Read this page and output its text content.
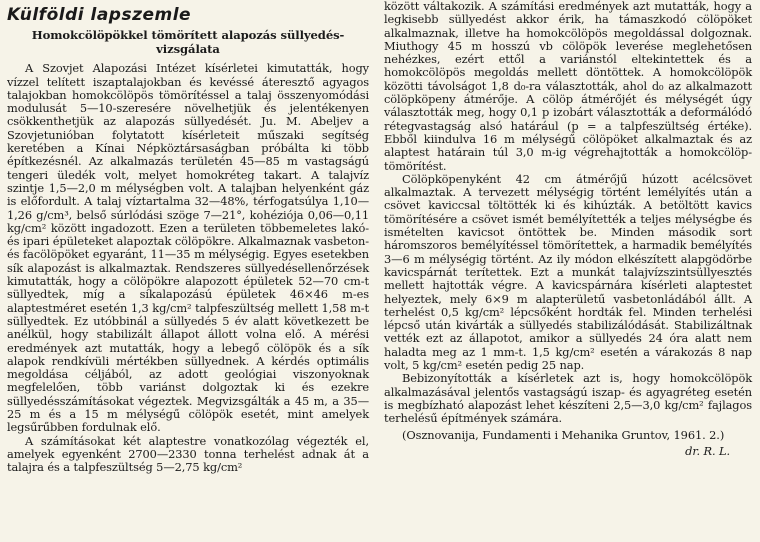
Külföldi lapszemle
Homokcölöpökkel tömörített alapozás süllyedés-vizsgálata

A Szovjet Alapozási Intézet kísérletei kimutatták, hogy vízzel telített iszaptalajokban és kevéssé áteresztő agyagos talajokban homokcölöpös tömörítéssel a talaj összenyomódási modulusát 5—10-szeresére növelhetjük és jelentékenyen csökkenthetjük az alapozás süllyedését. Ju. M. Abeljev a Szovjetunióban folytatott kísérleteit műszaki segítség keretében a Kínai Népköztársaságban próbálta ki több építkezésnél. Az alkalmazás területén 45—85 m vastagságú tengeri üledék volt, melyet homokréteg takart. A talajvíz szintje 1,5—2,0 m mélységben volt. A talajban helyenként gáz is előfordult. A talaj víztartalma 32—48%, térfogatsúlya 1,10—1,26 g/cm³, belső súrlódási szöge 7—21°, kohéziója 0,06—0,11 kg/cm² között ingadozott. Ezen a területen többemeletes lakó- és ipari épületeket alapoztak cölöpökre. Alkalmaznak vasbeton- és facölöpöket egyaránt, 11—35 m mélységig. Egyes esetekben sík alapozást is alkalmaztak. Rendszeres süllyedésellenőrzések kimutatták, hogy a cölöpökre alapozott épületek 52—70 cm-t süllyedtek, míg a síkalapozású épületek 46×46 m-es alaptestméret esetén 1,3 kg/cm² talpfeszültség mellett 1,58 m-t süllyedtek. Ez utóbbinál a süllyedés 5 év alatt következett be anélkül, hogy stabilizált állapot állott volna elő. A mérési eredmények azt mutatták, hogy a lebegő cölöpök és a sík alapok rendkívüli mértékben süllyednek. A kérdés optimális megoldása céljából, az adott geológiai viszonyoknak megfelelően, több variánst dolgoztak ki és ezekre süllyedésszámításokat végeztek. Megvizsgálták a 45 m, a 35—25 m és a 15 m mélységű cölöpök esetét, mint amelyek legsűrűbben fordulnak elő.

A számításokat két alaptestre vonatkozólag végezték el, amelyek egyenként 2700—2330 tonna terhelést adnak át a talajra és a talpfeszültség 5—2,75 kg/cm²

között váltakozik. A számítási eredmények azt mutatták, hogy a legkisebb süllyedést akkor érik, ha támaszkodó cölöpöket alkalmaznak, illetve ha homokcölöpös megoldással dolgoznak. Miuthogy 45 m hosszú vb cölöpök leverése meglehetősen nehézkes, ezért ettől a variánstól eltekintettek és a homokcölöpös megoldás mellett döntöttek. A homokcölöpök közötti távolságot 1,8 d₀-ra választották, ahol d₀ az alkalmazott cölöpköpeny átmérője. A cölöp átmérőjét és mélységét úgy választották meg, hogy 0,1 p izobárt választották a deformálódó rétegvastagság alsó határául (p = a talpfeszültség értéke). Ebből kiindulva 16 m mélységű cölöpöket alkalmaztak és az alaptest határain túl 3,0 m-ig végrehajtották a homokcölöp-tömörítést.

Cölöpköpenyként 42 cm átmérőjű húzott acélcsövet alkalmaztak. A tervezett mélységig történt lemélyítés után a csövet kaviccsal töltötték ki és kihúzták. A betöltött kavics tömörítésére a csövet ismét bemélyítették a teljes mélységbe és ismételten kavicsot öntöttek be. Minden második sort háromszoros bemélyítéssel tömörítettek, a harmadik bemélyítés 3—6 m mélységig történt. Az ily módon elkészített alapgödörbe kavicspárnát terítettek. Ezt a munkát talajvízszintsüllyesztés mellett hajtották végre. A kavicspárnára kísérleti alaptestet helyeztek, mely 6×9 m alapterületű vasbetonládából állt. A terhelést 0,5 kg/cm² lépcsőként hordták fel. Minden terhelési lépcső után kivárták a süllyedés stabilizálódását. Stabilizáltnak vették ezt az állapotot, amikor a süllyedés 24 óra alatt nem haladta meg az 1 mm-t. 1,5 kg/cm² esetén a várakozás 8 nap volt, 5 kg/cm² esetén pedig 25 nap.

Bebizonyították a kísérletek azt is, hogy homokcölöpök alkalmazásával jelentős vastagságú iszap- és agyagréteg esetén is megbízható alapozást lehet készíteni 2,5—3,0 kg/cm² fajlagos terhelésű építmények számára.

(Osznovanija, Fundamenti i Mehanika Gruntov, 1961. 2.)

dr. R. L.
